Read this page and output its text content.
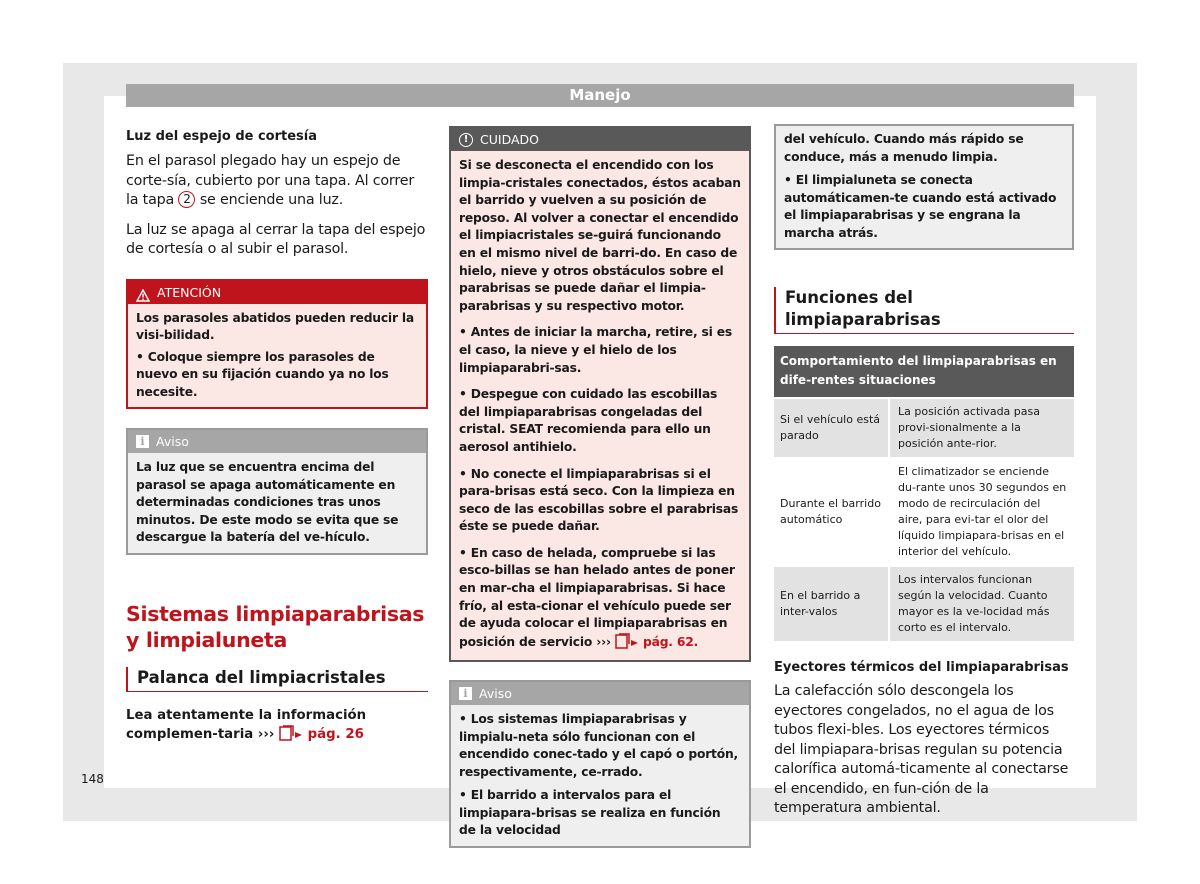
Manejo
Luz del espejo de cortesía
En el parasol plegado hay un espejo de corte-sía, cubierto por una tapa. Al correr la tapa 2 se enciende una luz.
La luz se apaga al cerrar la tapa del espejo de cortesía o al subir el parasol.
ATENCIÓN
Los parasoles abatidos pueden reducir la visi-bilidad.
• Coloque siempre los parasoles de nuevo en su fijación cuando ya no los necesite.
i Aviso
La luz que se encuentra encima del parasol se apaga automáticamente en determinadas condiciones tras unos minutos. De este modo se evita que se descargue la batería del ve-hículo.
Sistemas limpiaparabrisas y limpialuneta
Palanca del limpiacristales
Lea atentamente la información complemen-taria ›››	pág. 26
! CUIDADO
Si se desconecta el encendido con los limpia-cristales conectados, éstos acaban el barrido y vuelven a su posición de reposo. Al volver a conectar el encendido el limpiacristales se-guirá funcionando en el mismo nivel de barri-do. En caso de hielo, nieve y otros obstáculos sobre el parabrisas se puede dañar el limpia-parabrisas y su respectivo motor.
• Antes de iniciar la marcha, retire, si es el caso, la nieve y el hielo de los limpiaparabri-sas.
• Despegue con cuidado las escobillas del limpiaparabrisas congeladas del cristal. SEAT recomienda para ello un aerosol antihielo.
• No conecte el limpiaparabrisas si el para-brisas está seco. Con la limpieza en seco de las escobillas sobre el parabrisas éste se puede dañar.
• En caso de helada, compruebe si las esco-billas se han helado antes de poner en mar-cha el limpiaparabrisas. Si hace frío, al esta-cionar el vehículo puede ser de ayuda colocar el limpiaparabrisas en posición de servicio ›››	pág. 62.
i Aviso
• Los sistemas limpiaparabrisas y limpialu-neta sólo funcionan con el encendido conec-tado y el capó o portón, respectivamente, ce-rrado.
• El barrido a intervalos para el limpiapara-brisas se realiza en función de la velocidad
del vehículo. Cuando más rápido se conduce, más a menudo limpia.
• El limpialuneta se conecta automáticamen-te cuando está activado el limpiaparabrisas y se engrana la marcha atrás.
Funciones del limpiaparabrisas
Comportamiento del limpiaparabrisas en dife-rentes situaciones
Si el vehículo está parado
La posición activada pasa provi-sionalmente a la posición ante-rior.
Durante el barrido automático
El climatizador se enciende du-rante unos 30 segundos en modo de recirculación del aire, para evi-tar el olor del líquido limpiapara-brisas en el interior del vehículo.
En el barrido a inter-valos
Los intervalos funcionan según la velocidad. Cuanto mayor es la ve-locidad más corto es el intervalo.
Eyectores térmicos del limpiaparabrisas
La calefacción sólo descongela los eyectores congelados, no el agua de los tubos flexi-bles. Los eyectores térmicos del limpiapara-brisas regulan su potencia calorífica automá-ticamente al conectarse el encendido, en fun-ción de la temperatura ambiental.
148
